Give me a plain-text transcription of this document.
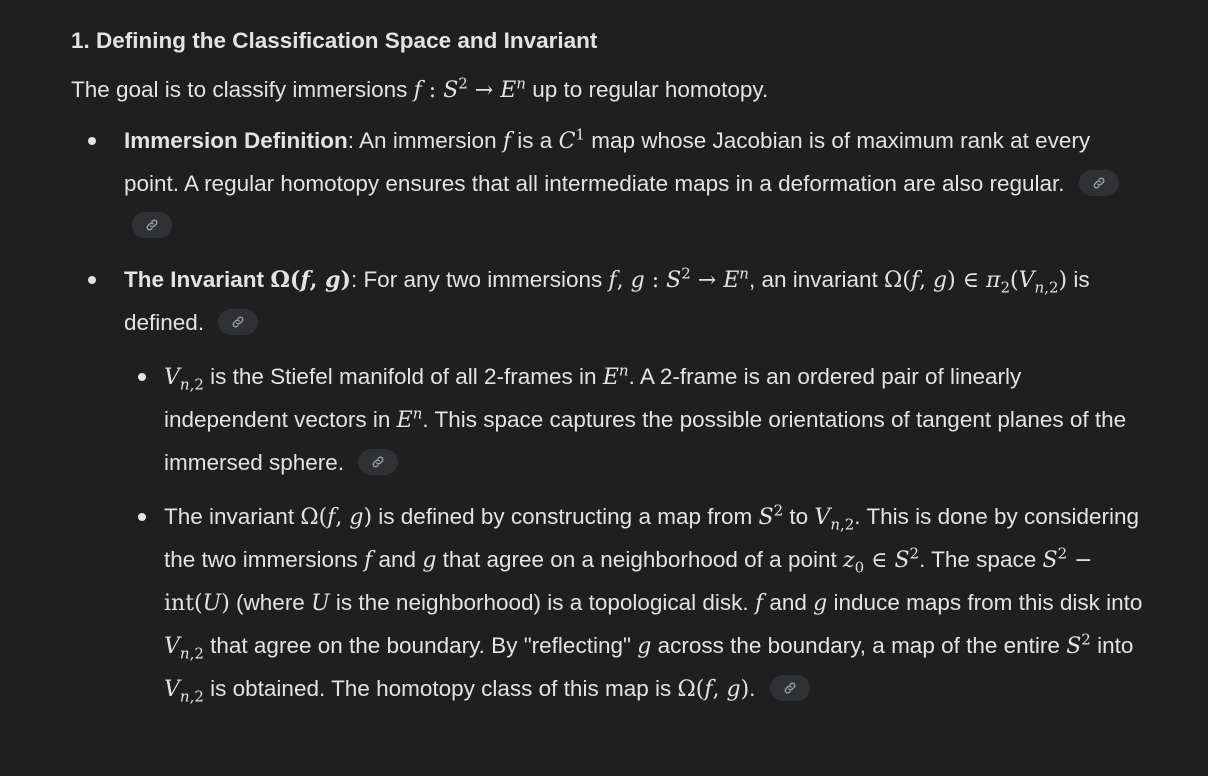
1. Defining the Classification Space and Invariant

The goal is to classify immersions f : $S^2 \to E^n$ up to regular homotopy.

Immersion Definition: An immersion f is a $C^1$ map whose Jacobian is of maximum rank at every point. A regular homotopy ensures that all intermediate maps in a deformation are also regular.
The Invariant Ω(f, g): For any two immersions f, g : $S^2 \to E^n$, an invariant Ω(f, g) ∈ $\pi_2(V_{n,2})$ is defined.
$V_{n,2}$ is the Stiefel manifold of all 2-frames in $E^n$. A 2-frame is an ordered pair of linearly independent vectors in $E^n$. This space captures the possible orientations of tangent planes of the immersed sphere.
The invariant Ω(f, g) is defined by constructing a map from $S^2$ to $V_{n,2}$. This is done by considering the two immersions f and g that agree on a neighborhood of a point $z_0$ ∈ $S^2$. The space $S^2 - int(U)$ (where U is the neighborhood) is a topological disk. f and g induce maps from this disk into $V_{n,2}$ that agree on the boundary. By "reflecting" g across the boundary, a map of the entire $S^2$ into $V_{n,2}$ is obtained. The homotopy class of this map is Ω(f, g).
